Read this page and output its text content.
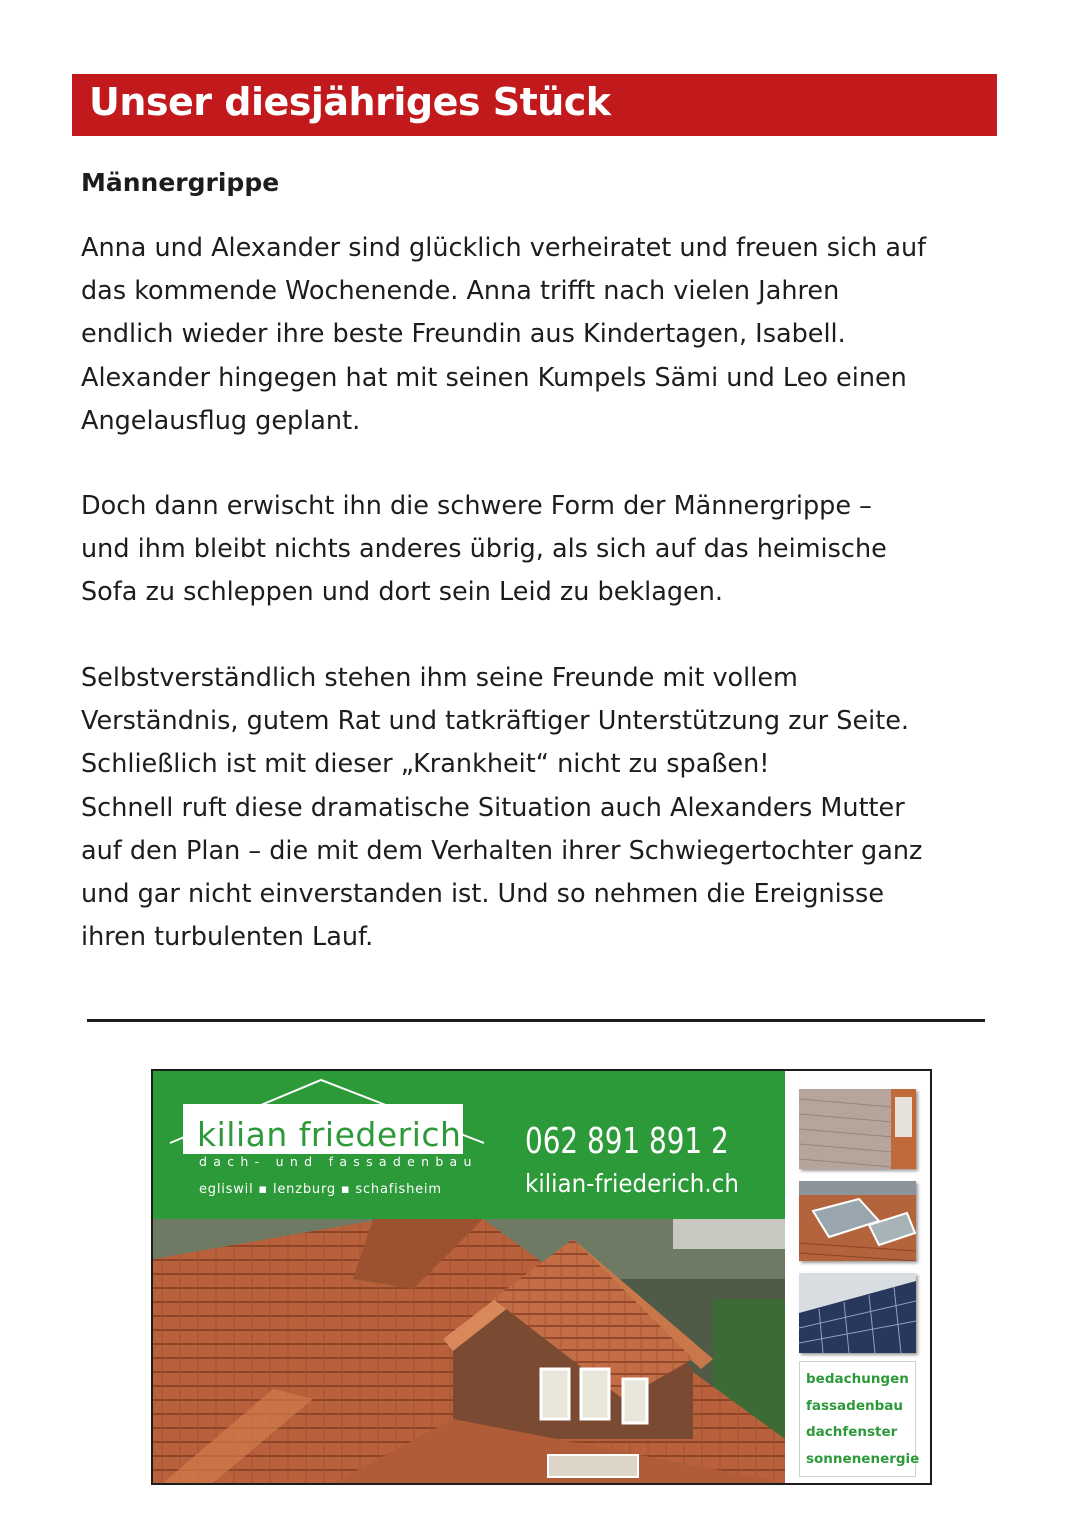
Unser diesjähriges Stück
Männergrippe

Anna und Alexander sind glücklich verheiratet und freuen sich auf
das kommende Wochenende. Anna trifft nach vielen Jahren
endlich wieder ihre beste Freundin aus Kindertagen, Isabell.
Alexander hingegen hat mit seinen Kumpels Sämi und Leo einen
Angelausflug geplant.

Doch dann erwischt ihn die schwere Form der Männergrippe –
und ihm bleibt nichts anderes übrig, als sich auf das heimische
Sofa zu schleppen und dort sein Leid zu beklagen.

Selbstverständlich stehen ihm seine Freunde mit vollem
Verständnis, gutem Rat und tatkräftiger Unterstützung zur Seite.
Schließlich ist mit dieser „Krankheit“ nicht zu spaßen!
Schnell ruft diese dramatische Situation auch Alexanders Mutter
auf den Plan – die mit dem Verhalten ihrer Schwiegertochter ganz
und gar nicht einverstanden ist. Und so nehmen die Ereignisse
ihren turbulenten Lauf.

kilian friederich
dach- und fassadenbau
egliswil ▪ lenzburg ▪ schafisheim
062 891 891 2
kilian-friederich.ch
bedachungen
fassadenbau
dachfenster
sonnenenergie
